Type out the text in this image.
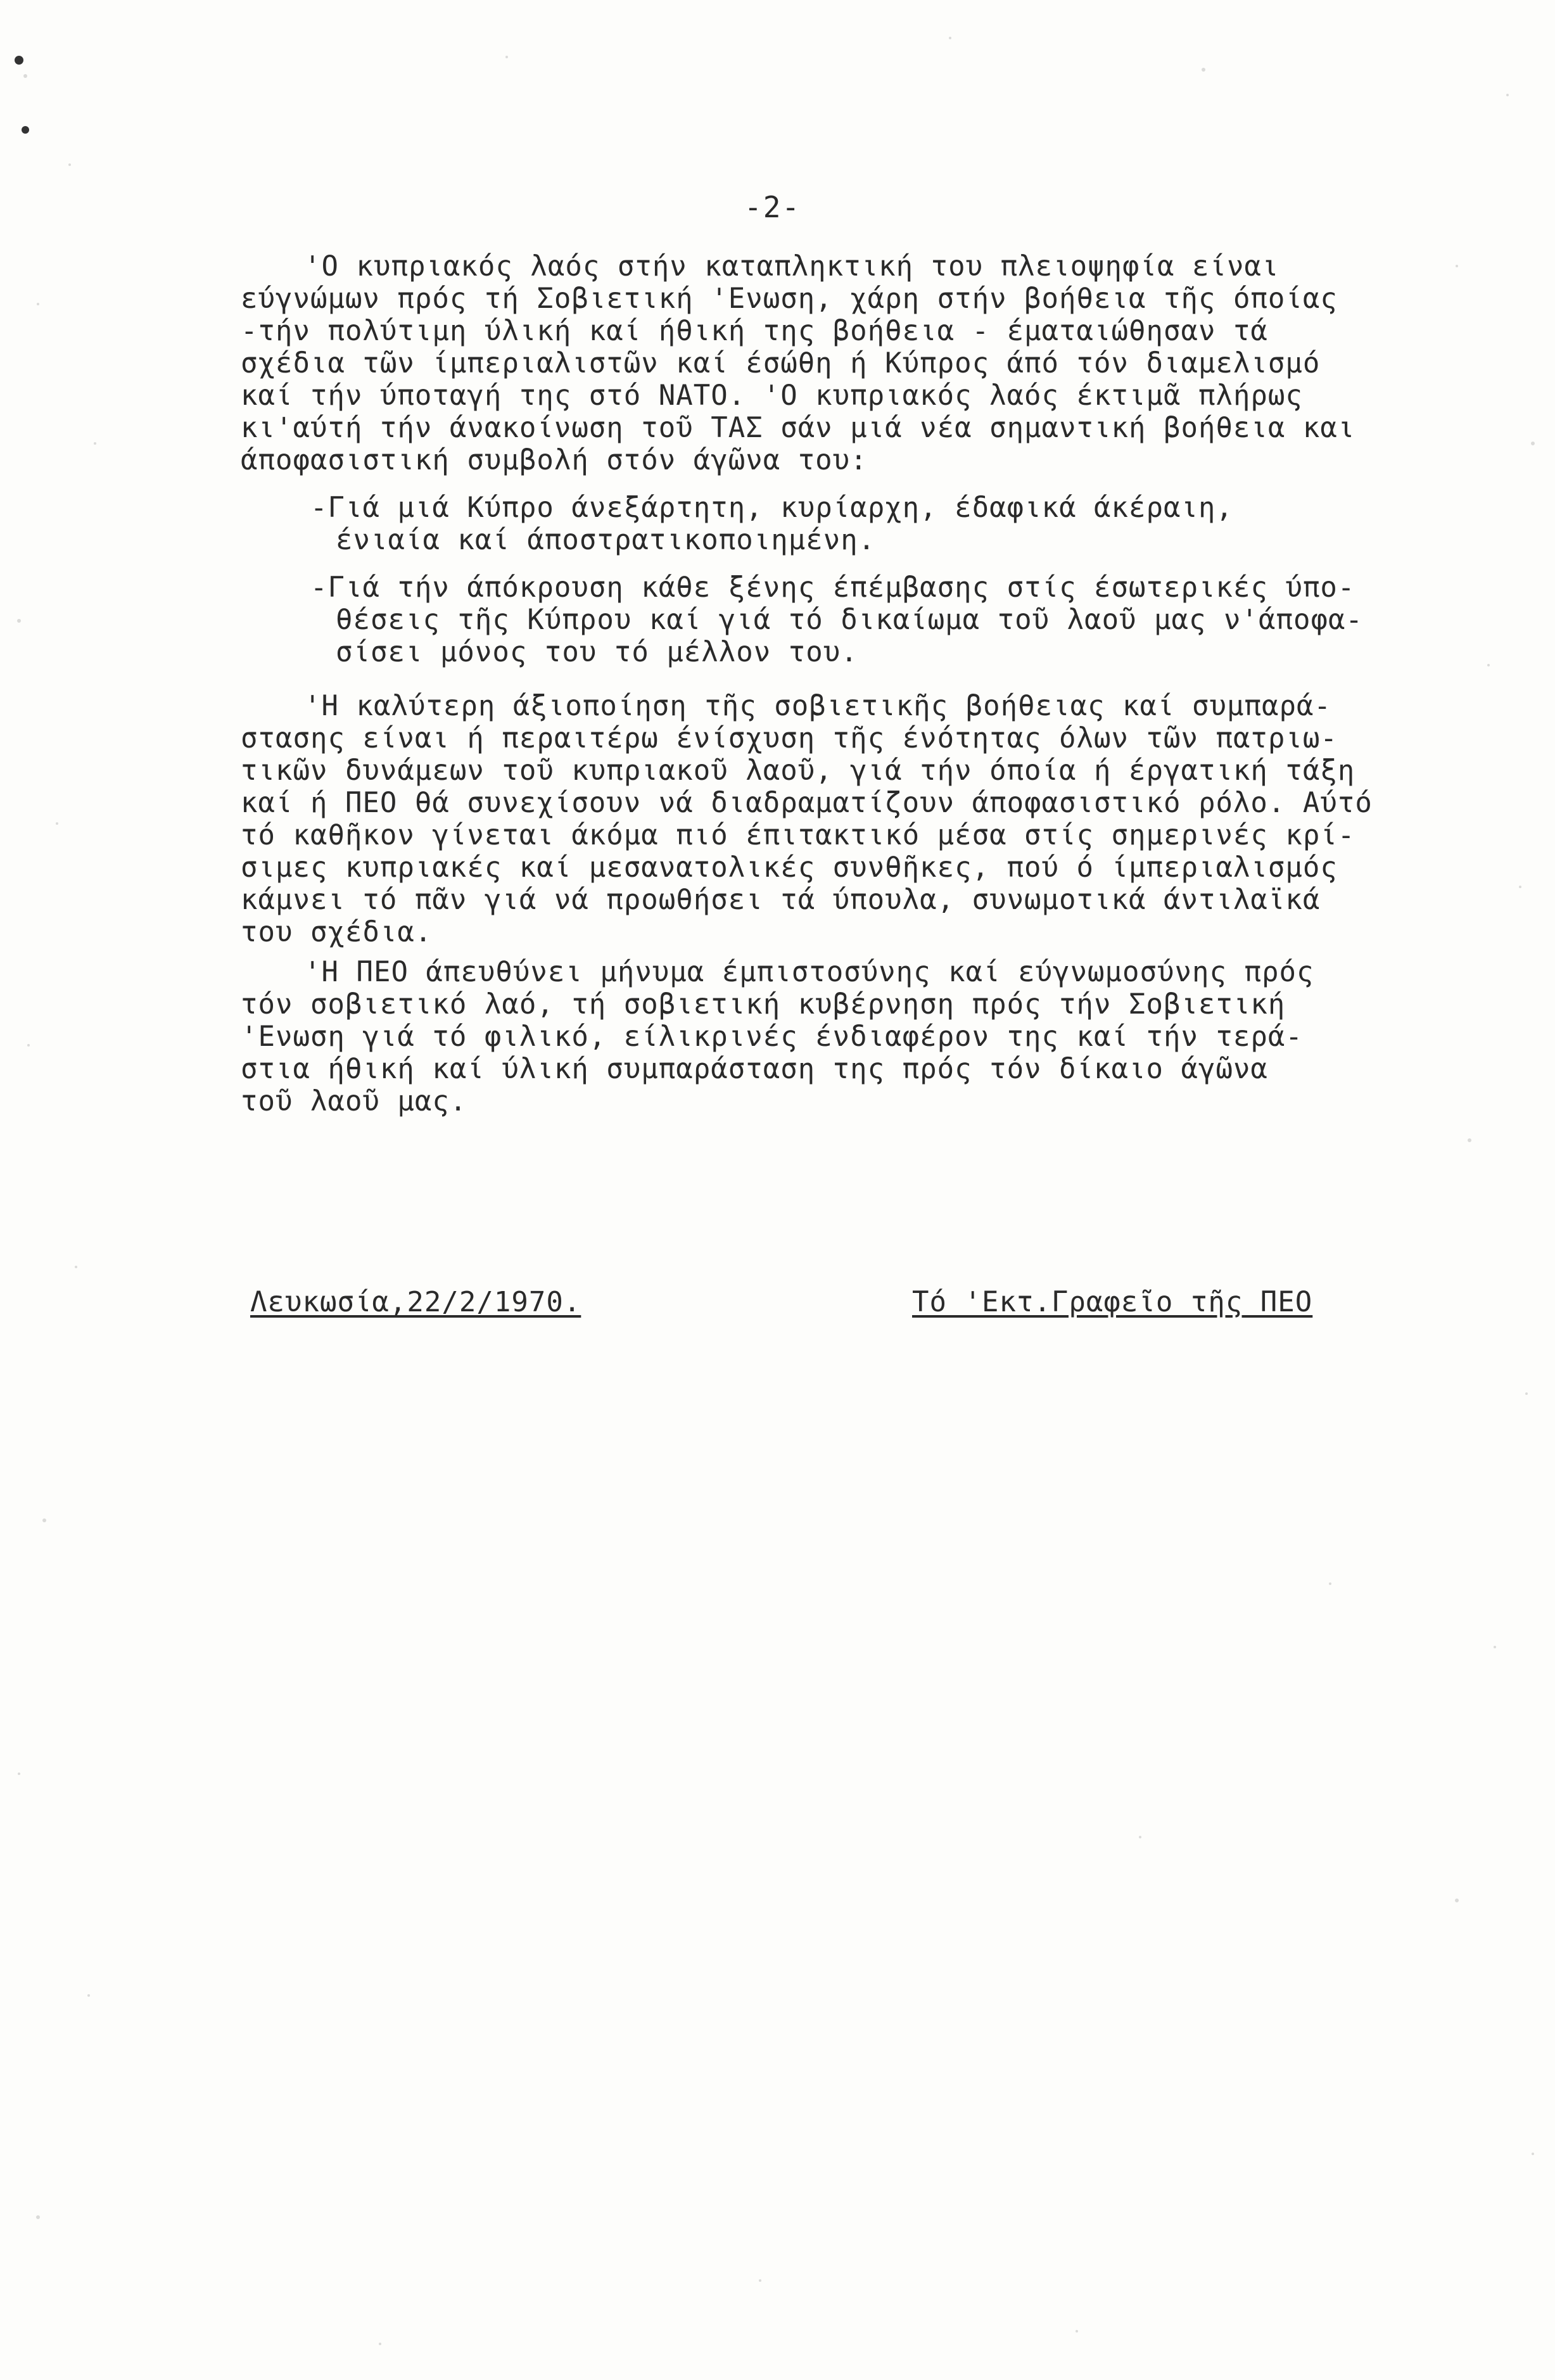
-2-
'Ο κυπριακός λαός στήν καταπληκτική του πλειοψηφία είναι
εύγνώμων πρός τή Σοβιετική 'Ενωση, χάρη στήν βοήθεια τῆς όποίας
-τήν πολύτιμη ύλική καί ήθική της βοήθεια - έματαιώθησαν τά
σχέδια τῶν ίμπεριαλιστῶν καί έσώθη ή Κύπρος άπό τόν διαμελισμό
καί τήν ύποταγή της στό ΝΑΤΟ. 'Ο κυπριακός λαός έκτιμᾶ πλήρως
κι'αύτή τήν άνακοίνωση τοῦ ΤΑΣ σάν μιά νέα σημαντική βοήθεια και
άποφασιστική συμβολή στόν άγῶνα του:
-Γιά μιά Κύπρο άνεξάρτητη, κυρίαρχη, έδαφικά άκέραιη,
ένιαία καί άποστρατικοποιημένη.
-Γιά τήν άπόκρουση κάθε ξένης έπέμβασης στίς έσωτερικές ύπο-
θέσεις τῆς Κύπρου καί γιά τό δικαίωμα τοῦ λαοῦ μας ν'άποφα-
σίσει μόνος του τό μέλλον του.
'Η καλύτερη άξιοποίηση τῆς σοβιετικῆς βοήθειας καί συμπαρά-
στασης είναι ή περαιτέρω ένίσχυση τῆς ένότητας όλων τῶν πατριω-
τικῶν δυνάμεων τοῦ κυπριακοῦ λαοῦ, γιά τήν όποία ή έργατική τάξη
καί ή ΠΕΟ θά συνεχίσουν νά διαδραματίζουν άποφασιστικό ρόλο. Αύτό
τό καθῆκον γίνεται άκόμα πιό έπιτακτικό μέσα στίς σημερινές κρί-
σιμες κυπριακές καί μεσανατολικές συνθῆκες, πού ό ίμπεριαλισμός
κάμνει τό πᾶν γιά νά προωθήσει τά ύπουλα, συνωμοτικά άντιλαϊκά
του σχέδια.
'Η ΠΕΟ άπευθύνει μήνυμα έμπιστοσύνης καί εύγνωμοσύνης πρός
τόν σοβιετικό λαό, τή σοβιετική κυβέρνηση πρός τήν Σοβιετική
'Ενωση γιά τό φιλικό, είλικρινές ένδιαφέρον της καί τήν τερά-
στια ήθική καί ύλική συμπαράσταση της πρός τόν δίκαιο άγῶνα
τοῦ λαοῦ μας.
Λευκωσία,22/2/1970.	Τό 'Εκτ.Γραφεῖο τῆς ΠΕΟ
